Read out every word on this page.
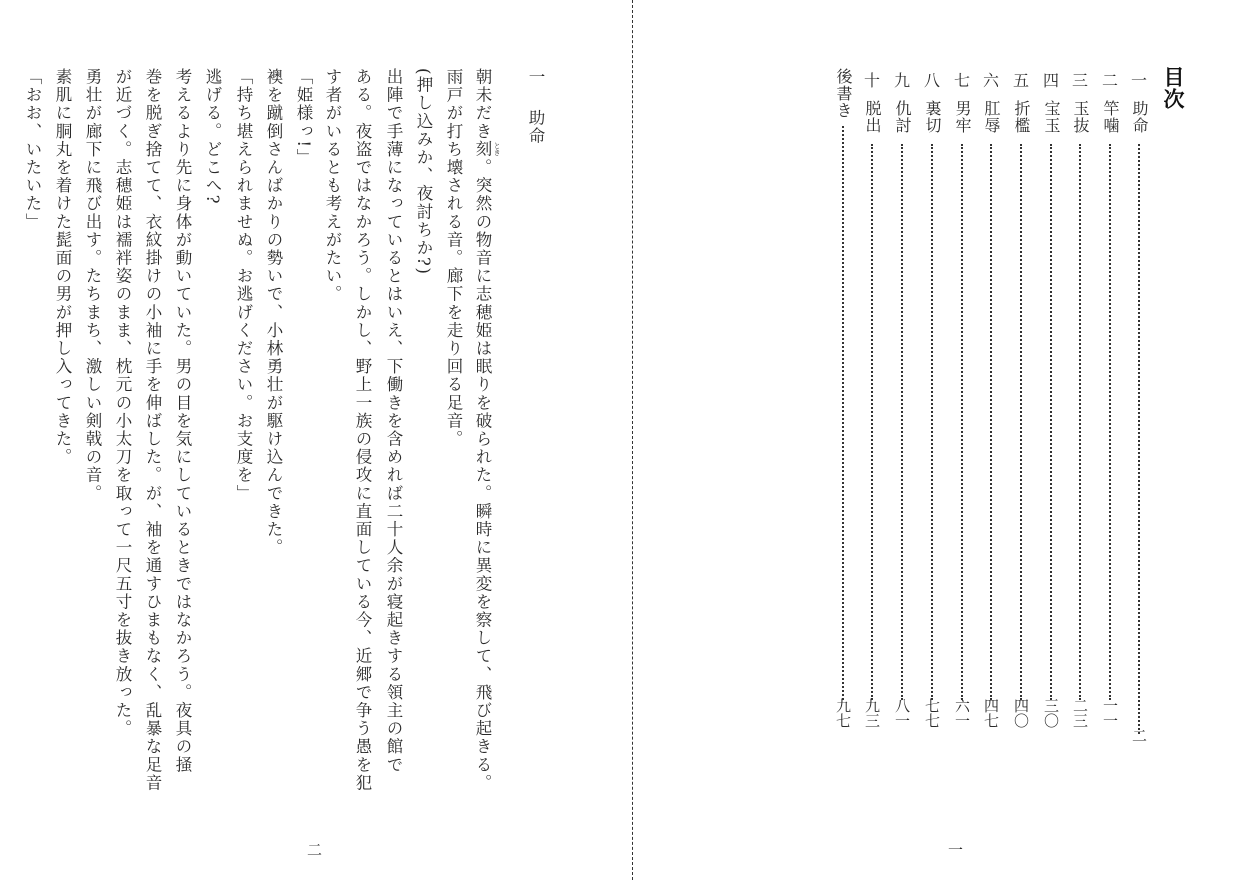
一 助命
朝未だき刻 とき
。突然の物音に志穂姫は眠りを破られた。瞬時に異変を察して、飛び起きる。
雨戸が打ち壊される音。廊下を走り回る足音。
(押し込みか、夜討ちか?)
出陣で手薄になっているとはいえ、下働きを含めれば二十人余が寝起きする領主の館で
ある。夜盗ではなかろう。しかし、野上一族の侵攻に直面している今、近郷で争う愚を犯
す者がいるとも考えがたい。
「姫様っ!」
襖を蹴倒さんばかりの勢いで、小林勇壮が駆け込んできた。
「持ち堪えられませぬ。お逃げください。お支度を」
逃げる。どこへ?
考えるより先に身体が動いていた。男の目を気にしているときではなかろう。夜具の掻
巻を脱ぎ捨てて、衣紋掛けの小袖に手を伸ばした。が、袖を通すひまもなく、乱暴な足音
が近づく。志穂姫は襦袢姿のまま、枕元の小太刀を取って一尺五寸を抜き放った。
勇壮が廊下に飛び出す。たちまち、激しい剣戟の音。
素肌に胴丸を着けた髭面の男が押し入ってきた。
「おお、いたいた」
二
目次
一
助命
二
二
竿噛
一一
三
玉抜
二三
四
宝玉
三〇
五
折檻
四〇
六
肛辱
四七
七
男牢
六一
八
裏切
七七
九
仇討
八一
十
脱出
九三
後書き
九七
一
